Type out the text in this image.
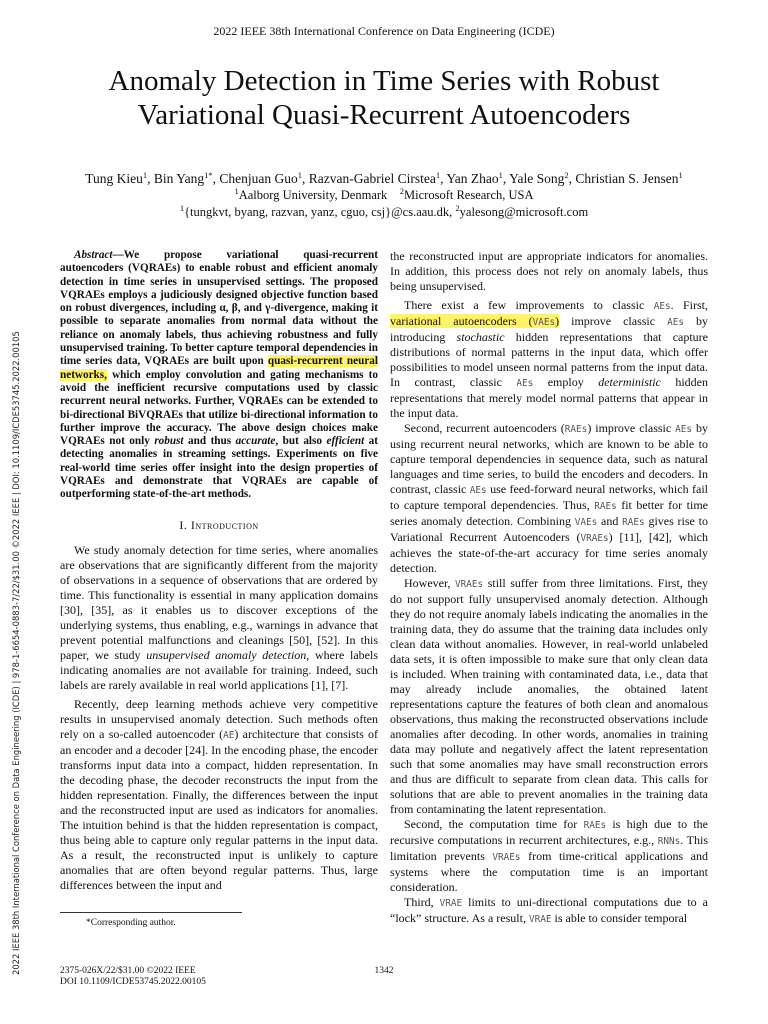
2022 IEEE 38th International Conference on Data Engineering (ICDE)
Anomaly Detection in Time Series with Robust
Variational Quasi-Recurrent Autoencoders
Tung Kieu$^1$, Bin Yang$^{1*}$, Chenjuan Guo$^1$, Razvan-Gabriel Cirstea$^1$, Yan Zhao$^1$, Yale Song$^2$, Christian S. Jensen$^1$
$^1$Aalborg University, Denmark $^2$Microsoft Research, USA
$^1${tungkvt, byang, razvan, yanz, cguo, csj}@cs.aau.dk, $^2$yalesong@microsoft.com

Abstract—We propose variational quasi-recurrent autoencoders (VQRAEs) to enable robust and efficient anomaly detection in time series in unsupervised settings. The proposed VQRAEs employs a judiciously designed objective function based on robust divergences, including α, β, and γ-divergence, making it possible to separate anomalies from normal data without the reliance on anomaly labels, thus achieving robustness and fully unsupervised training. To better capture temporal dependencies in time series data, VQRAEs are built upon quasi-recurrent neural networks, which employ convolution and gating mechanisms to avoid the inefficient recursive computations used by classic recurrent neural networks. Further, VQRAEs can be extended to bi-directional BiVQRAEs that utilize bi-directional information to further improve the accuracy. The above design choices make VQRAEs not only robust and thus accurate, but also efficient at detecting anomalies in streaming settings. Experiments on five real-world time series offer insight into the design properties of VQRAEs and demonstrate that VQRAEs are capable of outperforming state-of-the-art methods.

I. Introduction

We study anomaly detection for time series, where anomalies are observations that are significantly different from the majority of observations in a sequence of observations that are ordered by time. This functionality is essential in many application domains [30], [35], as it enables us to discover exceptions of the underlying systems, thus enabling, e.g., warnings in advance that prevent potential malfunctions and cleanings [50], [52]. In this paper, we study unsupervised anomaly detection, where labels indicating anomalies are not available for training. Indeed, such labels are rarely available in real world applications [1], [7].

Recently, deep learning methods achieve very competitive results in unsupervised anomaly detection. Such methods often rely on a so-called autoencoder (AE) architecture that consists of an encoder and a decoder [24]. In the encoding phase, the encoder transforms input data into a compact, hidden representation. In the decoding phase, the decoder reconstructs the input from the hidden representation. Finally, the differences between the input and the reconstructed input are used as indicators for anomalies. The intuition behind is that the hidden representation is compact, thus being able to capture only regular patterns in the input data. As a result, the reconstructed input is unlikely to capture anomalies that are often beyond regular patterns. Thus, large differences between the input and

the reconstructed input are appropriate indicators for anomalies. In addition, this process does not rely on anomaly labels, thus being unsupervised.

There exist a few improvements to classic AEs. First, variational autoencoders (VAEs) improve classic AEs by introducing stochastic hidden representations that capture distributions of normal patterns in the input data, which offer possibilities to model unseen normal patterns from the input data. In contrast, classic AEs employ deterministic hidden representations that merely model normal patterns that appear in the input data.

Second, recurrent autoencoders (RAEs) improve classic AEs by using recurrent neural networks, which are known to be able to capture temporal dependencies in sequence data, such as natural languages and time series, to build the encoders and decoders. In contrast, classic AEs use feed-forward neural networks, which fail to capture temporal dependencies. Thus, RAEs fit better for time series anomaly detection. Combining VAEs and RAEs gives rise to Variational Recurrent Autoencoders (VRAEs) [11], [42], which achieves the state-of-the-art accuracy for time series anomaly detection.

However, VRAEs still suffer from three limitations. First, they do not support fully unsupervised anomaly detection. Although they do not require anomaly labels indicating the anomalies in the training data, they do assume that the training data includes only clean data without anomalies. However, in real-world unlabeled data sets, it is often impossible to make sure that only clean data is included. When training with contaminated data, i.e., data that may already include anomalies, the obtained latent representations capture the features of both clean and anomalous observations, thus making the reconstructed observations include anomalies after decoding. In other words, anomalies in training data may pollute and negatively affect the latent representation such that some anomalies may have small reconstruction errors and thus are difficult to separate from clean data. This calls for solutions that are able to prevent anomalies in the training data from contaminating the latent representation.

Second, the computation time for RAEs is high due to the recursive computations in recurrent architectures, e.g., RNNs. This limitation prevents VRAEs from time-critical applications and systems where the computation time is an important consideration.

Third, VRAE limits to uni-directional computations due to a “lock” structure. As a result, VRAE is able to consider temporal

*Corresponding author.
2375-026X/22/$31.00 ©2022 IEEE
DOI 10.1109/ICDE53745.2022.00105
1342
2022 IEEE 38th International Conference on Data Engineering (ICDE) | 978-1-6654-0883-7/22/$31.00 ©2022 IEEE | DOI: 10.1109/ICDE53745.2022.00105
